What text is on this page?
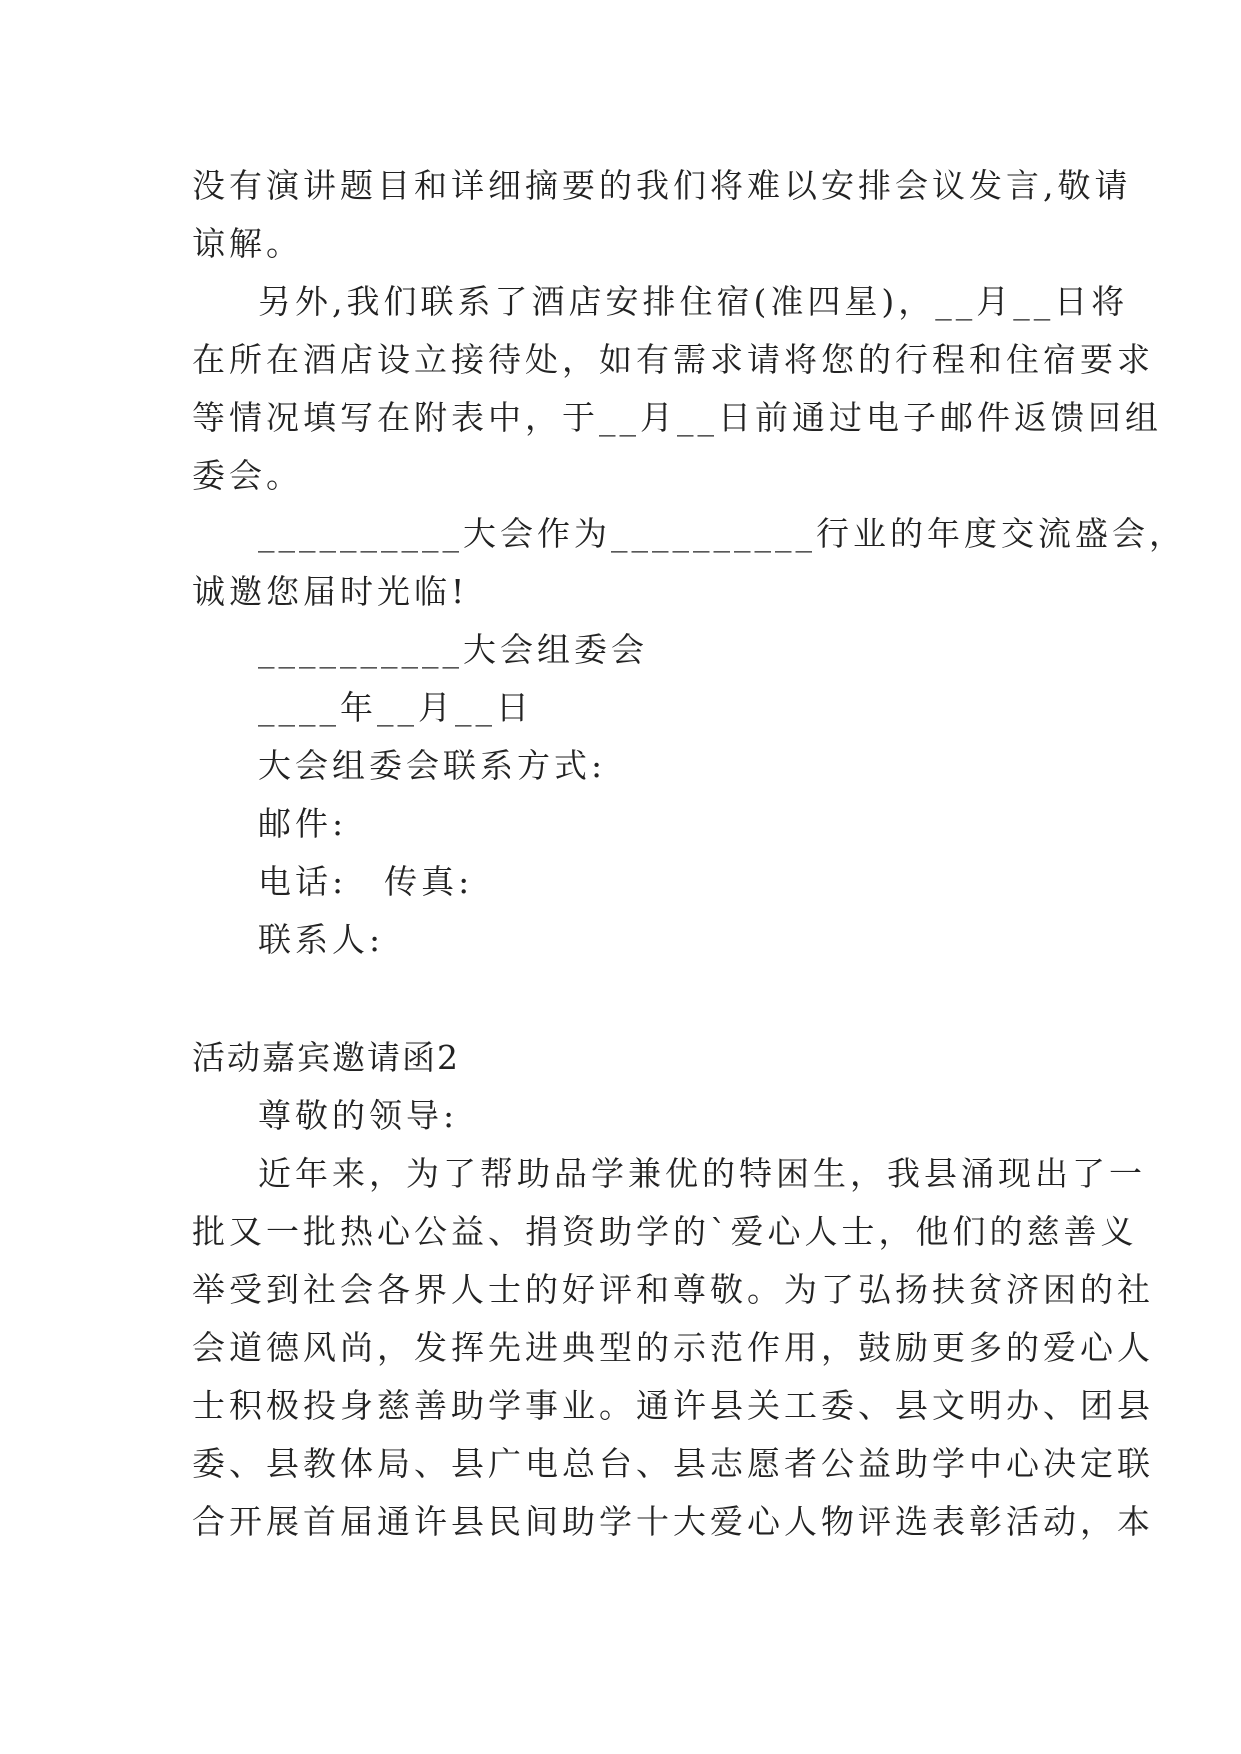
没有演讲题目和详细摘要的我们将难以安排会议发言,敬请

谅解。

另外,我们联系了酒店安排住宿(准四星)，__月__日将

在所在酒店设立接待处，如有需求请将您的行程和住宿要求

等情况填写在附表中，于__月__日前通过电子邮件返馈回组

委会。

__________大会作为__________行业的年度交流盛会，

诚邀您届时光临!

__________大会组委会

____年__月__日

大会组委会联系方式:

邮件:

电话:　传真:

联系人:

活动嘉宾邀请函2

尊敬的领导:

近年来，为了帮助品学兼优的特困生，我县涌现出了一

批又一批热心公益、捐资助学的`爱心人士，他们的慈善义

举受到社会各界人士的好评和尊敬。为了弘扬扶贫济困的社

会道德风尚，发挥先进典型的示范作用，鼓励更多的爱心人

士积极投身慈善助学事业。通许县关工委、县文明办、团县

委、县教体局、县广电总台、县志愿者公益助学中心决定联

合开展首届通许县民间助学十大爱心人物评选表彰活动，本
